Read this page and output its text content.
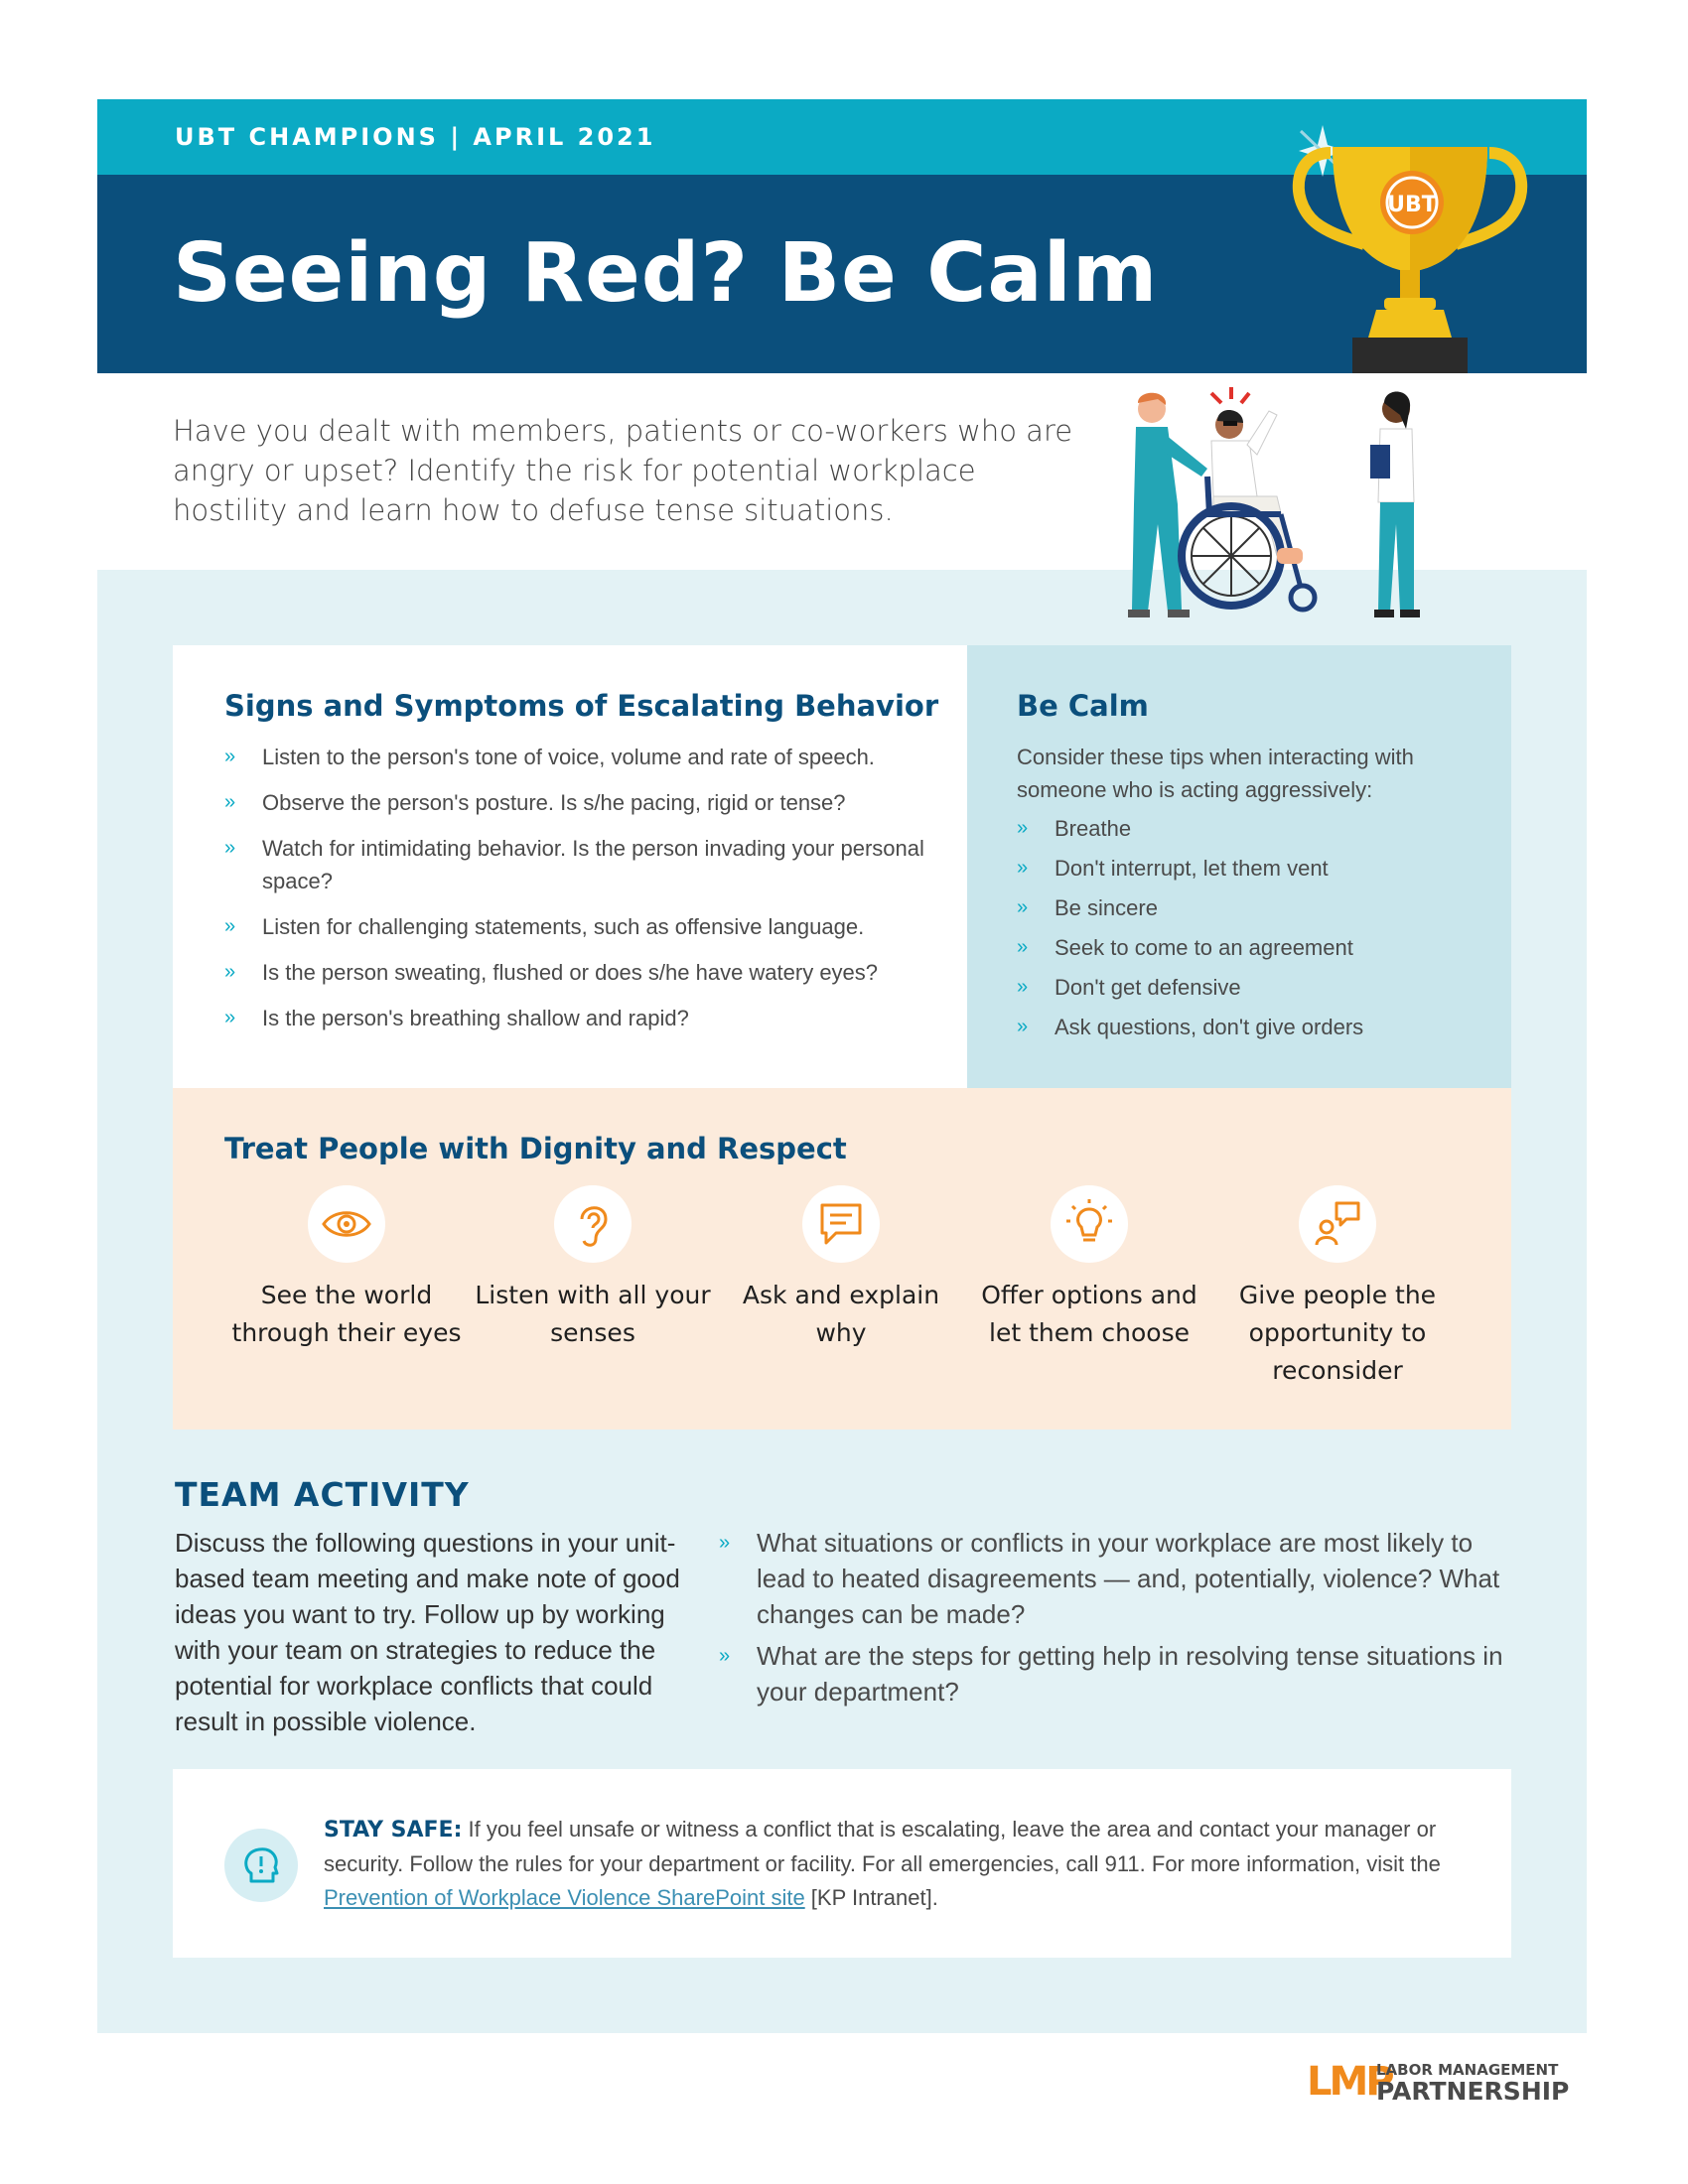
UBT CHAMPIONS | APRIL 2021
Seeing Red? Be Calm
UBT
Have you dealt with members, patients or co-workers who are angry or upset? Identify the risk for potential workplace hostility and learn how to defuse tense situations.
Signs and Symptoms of Escalating Behavior
» Listen to the person's tone of voice, volume and rate of speech.
» Observe the person's posture. Is s/he pacing, rigid or tense?
» Watch for intimidating behavior. Is the person invading your personal space?
» Listen for challenging statements, such as offensive language.
» Is the person sweating, flushed or does s/he have watery eyes?
» Is the person's breathing shallow and rapid?
Be Calm
Consider these tips when interacting with someone who is acting aggressively:
» Breathe
» Don't interrupt, let them vent
» Be sincere
» Seek to come to an agreement
» Don't get defensive
» Ask questions, don't give orders
Treat People with Dignity and Respect
See the world through their eyes
Listen with all your senses
Ask and explain why
Offer options and let them choose
Give people the opportunity to reconsider
TEAM ACTIVITY
Discuss the following questions in your unit-based team meeting and make note of good ideas you want to try. Follow up by working with your team on strategies to reduce the potential for workplace conflicts that could result in possible violence.
» What situations or conflicts in your workplace are most likely to lead to heated disagreements — and, potentially, violence? What changes can be made?
» What are the steps for getting help in resolving tense situations in your department?
STAY SAFE: If you feel unsafe or witness a conflict that is escalating, leave the area and contact your manager or security. Follow the rules for your department or facility. For all emergencies, call 911. For more information, visit the Prevention of Workplace Violence SharePoint site [KP Intranet].
LMP
LABOR MANAGEMENT
PARTNERSHIP
